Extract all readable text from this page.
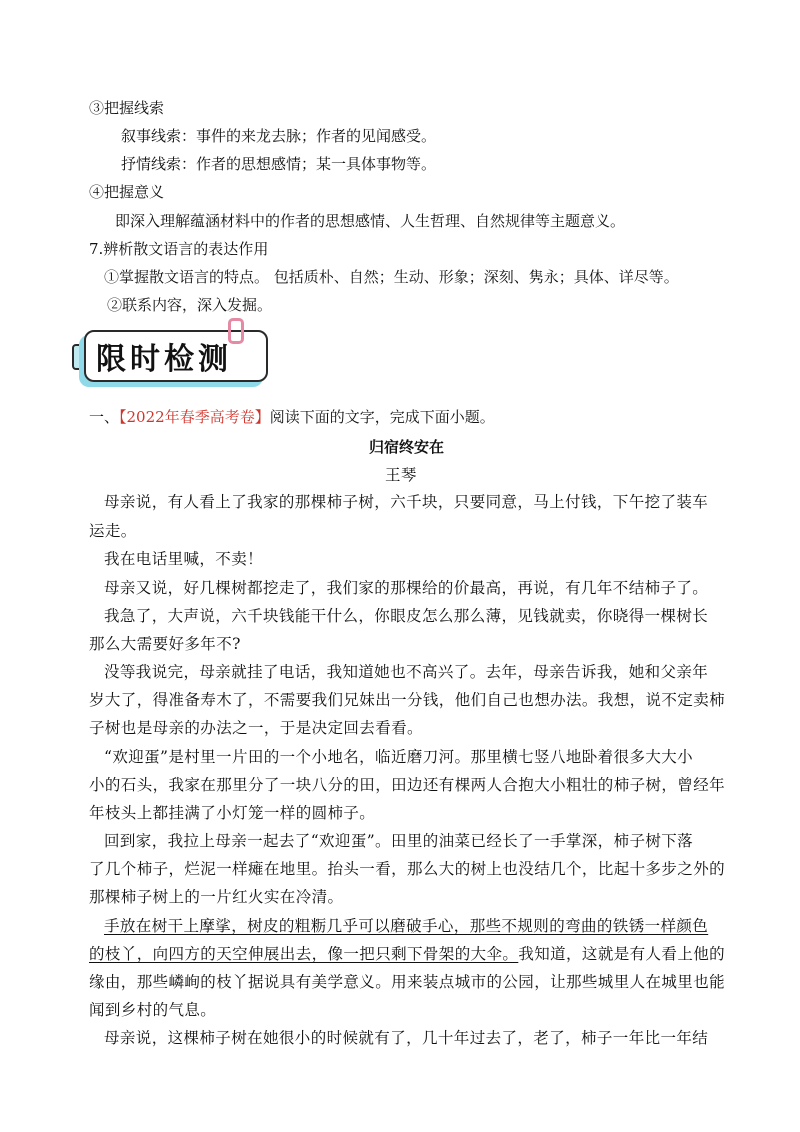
③把握线索
叙事线索：事件的来龙去脉；作者的见闻感受。
抒情线索：作者的思想感情；某一具体事物等。
④把握意义
即深入理解蕴涵材料中的作者的思想感情、人生哲理、自然规律等主题意义。
7.辨析散文语言的表达作用
①掌握散文语言的特点。 包括质朴、自然；生动、形象；深刻、隽永；具体、详尽等。
②联系内容，深入发掘。
限时检测
一、【2022年春季高考卷】阅读下面的文字，完成下面小题。
归宿终安在
王琴
母亲说，有人看上了我家的那棵柿子树，六千块，只要同意，马上付钱，下午挖了装车
运走。
我在电话里喊，不卖！
母亲又说，好几棵树都挖走了，我们家的那棵给的价最高，再说，有几年不结柿子了。
我急了，大声说，六千块钱能干什么，你眼皮怎么那么薄，见钱就卖，你晓得一棵树长
那么大需要好多年不?
没等我说完，母亲就挂了电话，我知道她也不高兴了。去年，母亲告诉我，她和父亲年
岁大了，得准备寿木了，不需要我们兄妹出一分钱，他们自己也想办法。我想，说不定卖柿
子树也是母亲的办法之一，于是决定回去看看。
“欢迎蛋”是村里一片田的一个小地名，临近磨刀河。那里横七竖八地卧着很多大大小
小的石头，我家在那里分了一块八分的田，田边还有棵两人合抱大小粗壮的柿子树，曾经年
年枝头上都挂满了小灯笼一样的圆柿子。
回到家，我拉上母亲一起去了“欢迎蛋”。田里的油菜已经长了一手掌深，柿子树下落
了几个柿子，烂泥一样瘫在地里。抬头一看，那么大的树上也没结几个，比起十多步之外的
那棵柿子树上的一片红火实在冷清。
手放在树干上摩挲，树皮的粗粝几乎可以磨破手心，那些不规则的弯曲的铁锈一样颜色
的枝丫，向四方的天空伸展出去，像一把只剩下骨架的大伞。我知道，这就是有人看上他的
缘由，那些嶙峋的枝丫据说具有美学意义。用来装点城市的公园，让那些城里人在城里也能
闻到乡村的气息。
母亲说，这棵柿子树在她很小的时候就有了，几十年过去了，老了，柿子一年比一年结
